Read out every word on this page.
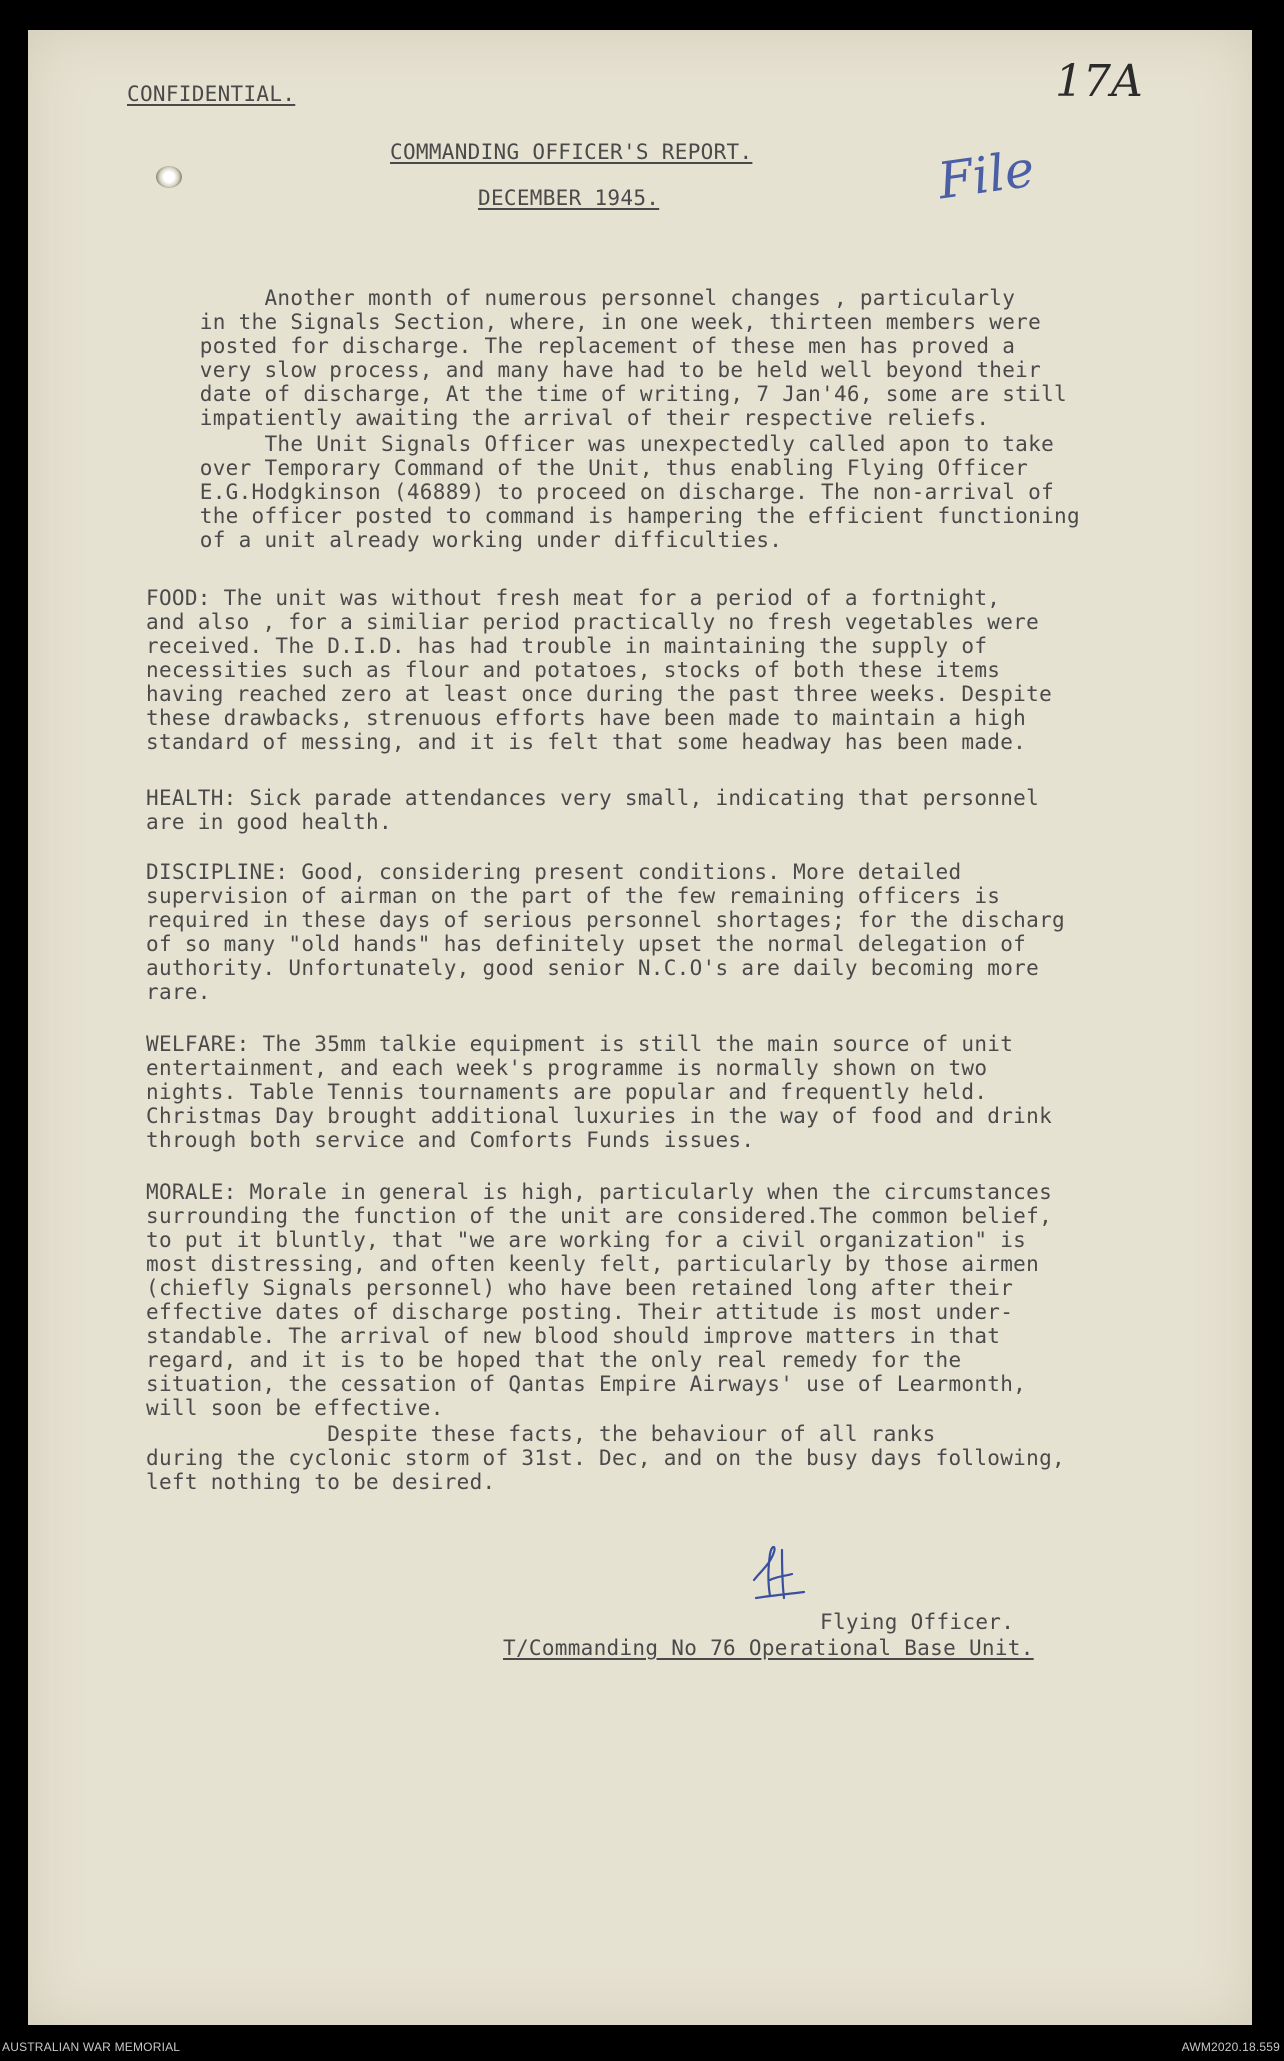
CONFIDENTIAL.	17A
File
COMMANDING OFFICER'S REPORT.
DECEMBER 1945.
Another month of numerous personnel changes , particularly
in the Signals Section, where, in one week, thirteen members were
posted for discharge. The replacement of these men has proved a
very slow process, and many have had to be held well beyond their
date of discharge, At the time of writing, 7 Jan'46, some are still
impatiently awaiting the arrival of their respective reliefs.
The Unit Signals Officer was unexpectedly called apon to take
over Temporary Command of the Unit, thus enabling Flying Officer
E.G.Hodgkinson (46889) to proceed on discharge. The non-arrival of
the officer posted to command is hampering the efficient functioning
of a unit already working under difficulties.
FOOD: The unit was without fresh meat for a period of a fortnight,
and also , for a similiar period practically no fresh vegetables were
received. The D.I.D. has had trouble in maintaining the supply of
necessities such as flour and potatoes, stocks of both these items
having reached zero at least once during the past three weeks. Despite
these drawbacks, strenuous efforts have been made to maintain a high
standard of messing, and it is felt that some headway has been made.
HEALTH: Sick parade attendances very small, indicating that personnel
are in good health.
DISCIPLINE: Good, considering present conditions. More detailed
supervision of airman on the part of the few remaining officers is
required in these days of serious personnel shortages; for the discharg
of so many "old hands" has definitely upset the normal delegation of
authority. Unfortunately, good senior N.C.O's are daily becoming more
rare.
WELFARE: The 35mm talkie equipment is still the main source of unit
entertainment, and each week's programme is normally shown on two
nights. Table Tennis tournaments are popular and frequently held.
Christmas Day brought additional luxuries in the way of food and drink
through both service and Comforts Funds issues.
MORALE: Morale in general is high, particularly when the circumstances
surrounding the function of the unit are considered.The common belief,
to put it bluntly, that "we are working for a civil organization" is
most distressing, and often keenly felt, particularly by those airmen
(chiefly Signals personnel) who have been retained long after their
effective dates of discharge posting. Their attitude is most under-
standable. The arrival of new blood should improve matters in that
regard, and it is to be hoped that the only real remedy for the
situation, the cessation of Qantas Empire Airways' use of Learmonth,
will soon be effective.
Despite these facts, the behaviour of all ranks
during the cyclonic storm of 31st. Dec, and on the busy days following,
left nothing to be desired.
Flying Officer.
T/Commanding No 76 Operational Base Unit.
AUSTRALIAN WAR MEMORIAL	AWM2020.18.559
